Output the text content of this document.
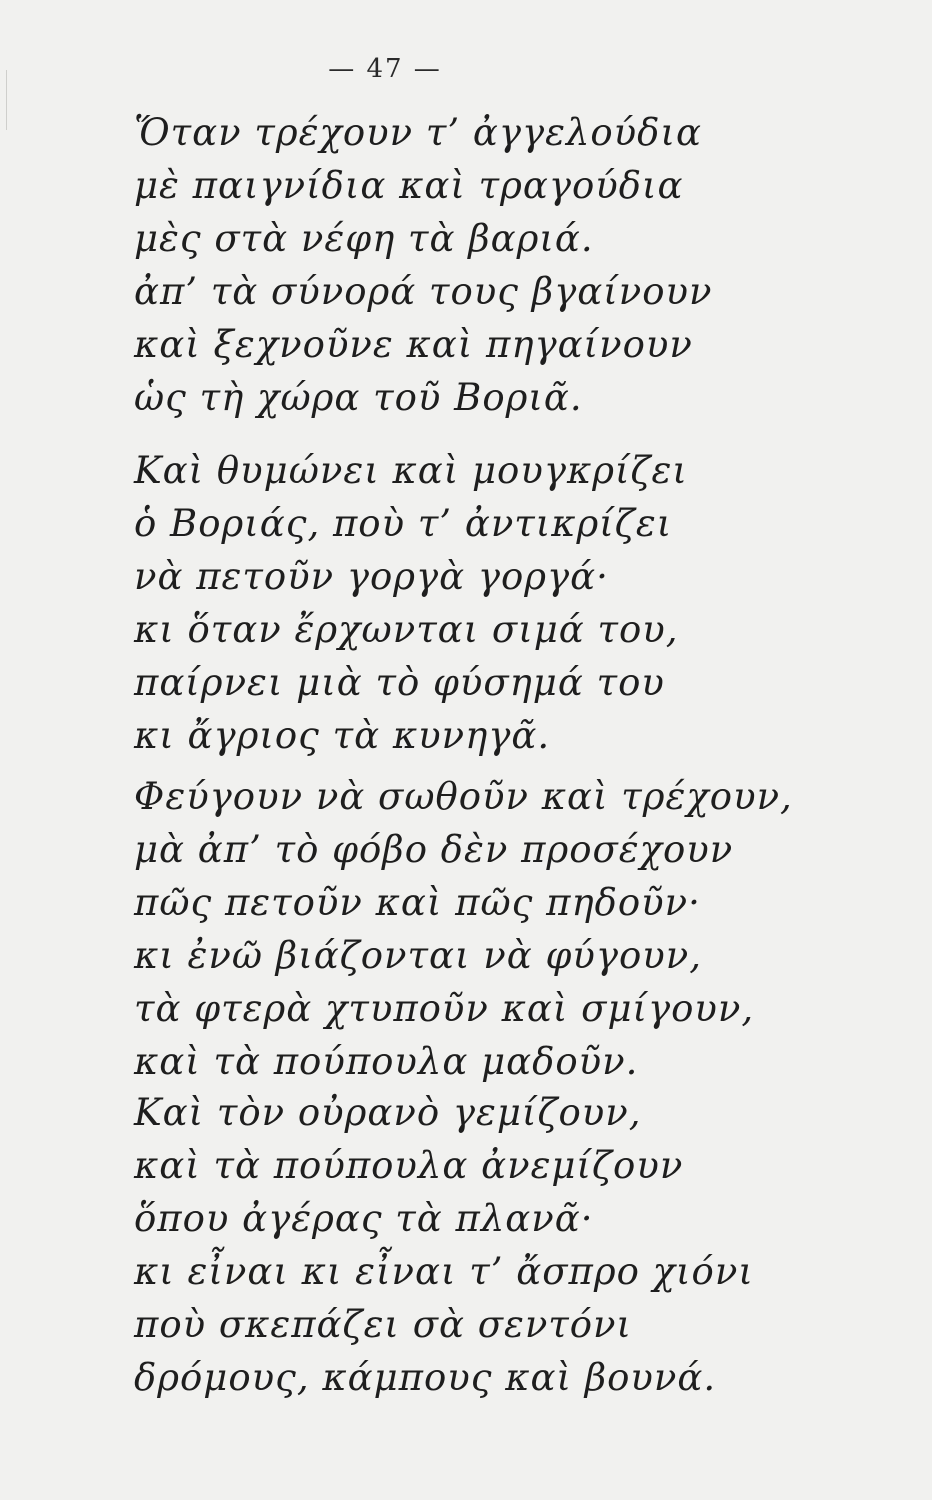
— 47 —
Ὅταν τρέχουν τ’ ἀγγελούδια
μὲ παιγνίδια καὶ τραγούδια
μὲς στὰ νέφη τὰ βαριά.
ἀπ’ τὰ σύνορά τους βγαίνουν
καὶ ξεχνοῦνε καὶ πηγαίνουν
ὡς τὴ χώρα τοῦ Βοριᾶ.
Καὶ θυμώνει καὶ μουγκρίζει
ὁ Βοριάς, ποὺ τ’ ἀντικρίζει
νὰ πετοῦν γοργὰ γοργά·
κι ὅταν ἔρχωνται σιμά του,
παίρνει μιὰ τὸ φύσημά του
κι ἄγριος τὰ κυνηγᾶ.
Φεύγουν νὰ σωθοῦν καὶ τρέχουν,
μὰ ἀπ’ τὸ φόβο δὲν προσέχουν
πῶς πετοῦν καὶ πῶς πηδοῦν·
κι ἐνῶ βιάζονται νὰ φύγουν,
τὰ φτερὰ χτυποῦν καὶ σμίγουν,
καὶ τὰ πούπουλα μαδοῦν.
Καὶ τὸν οὐρανὸ γεμίζουν,
καὶ τὰ πούπουλα ἀνεμίζουν
ὅπου ἀγέρας τὰ πλανᾶ·
κι εἶναι κι εἶναι τ’ ἄσπρο χιόνι
ποὺ σκεπάζει σὰ σεντόνι
δρόμους, κάμπους καὶ βουνά.
